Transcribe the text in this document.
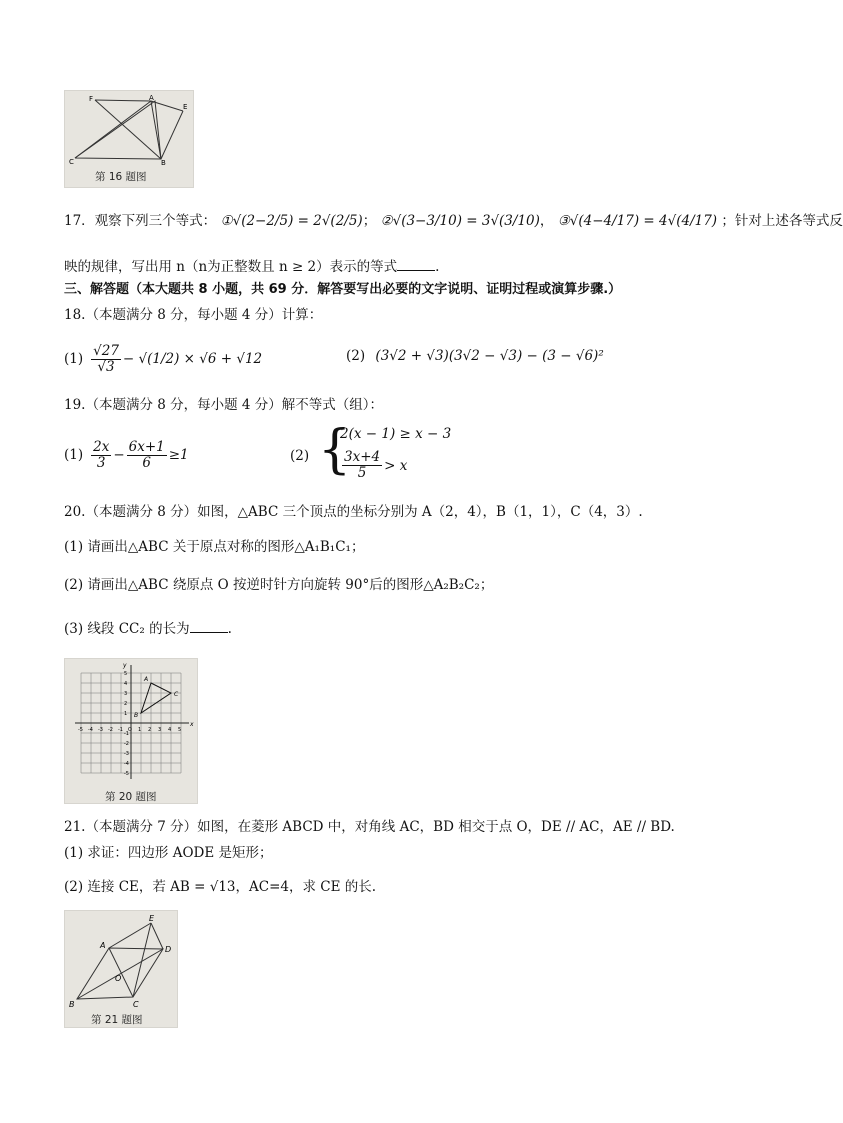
F	A
E
C	B
第 16 题图
17．观察下列三个等式： ①√(2−2/5) = 2√(2/5)； ②√(3−3/10) = 3√(3/10)， ③√(4−4/17) = 4√(4/17) ；针对上述各等式反
映的规律，写出用 n（n为正整数且 n ≥ 2）表示的等式	.
三、解答题（本大题共 8 小题，共 69 分．解答要写出必要的文字说明、证明过程或演算步骤.）
18.（本题满分 8 分，每小题 4 分）计算：
(1)
√27
√3 − √(1/2) × √6 + √12	(2) (3√2 + √3)(3√2 − √3) − (3 − √6)²
19.（本题满分 8 分，每小题 4 分）解不等式（组）：
(1)
2x
$3 - \frac{6x+1}{6} \ge 1$	(2) {
2(x − 1) ≥ x − 3
3x+4
5 > x
20.（本题满分 8 分）如图，△ABC 三个顶点的坐标分别为 A（2，4），B（1，1），C（4，3）.
(1) 请画出△ABC 关于原点对称的图形△A₁B₁C₁；
(2) 请画出△ABC 绕原点 O 按逆时针方向旋转 90°后的图形△A₂B₂C₂；
(3) 线段 CC₂ 的长为	.
x
y
-5
-5
-4
-4
-3
-3
-2
-2
-1
-1
O 1
1
2
2
3
3
4
4
5
5
A
B
C
第 20 题图
21.（本题满分 7 分）如图，在菱形 ABCD 中，对角线 AC，BD 相交于点 O，DE // AC，AE // BD.
(1) 求证：四边形 AODE 是矩形；
(2) 连接 CE，若 AB = √13，AC=4，求 CE 的长.
E
A	D
O
B	C
第 21 题图
